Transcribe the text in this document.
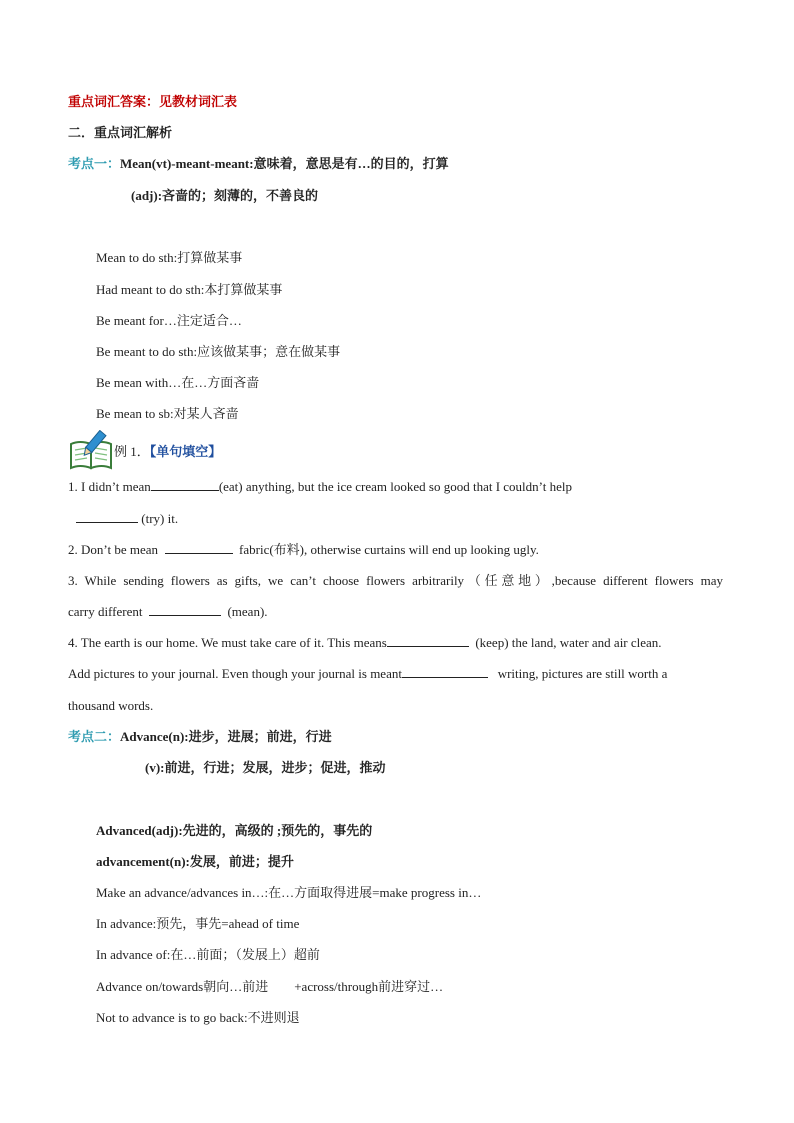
重点词汇答案：见教材词汇表
二．重点词汇解析
考点一：Mean(vt)-meant-meant:意味着，意思是有…的目的，打算
(adj):吝啬的；刻薄的，不善良的
Mean to do sth:打算做某事
Had meant to do sth:本打算做某事
Be meant for…注定适合…
Be meant to do sth:应该做某事；意在做某事
Be mean with…在…方面吝啬
Be mean to sb:对某人吝啬
例 1．【单句填空】
1. I didn’t mean	(eat) anything, but the ice cream looked so good that I couldn’t help
(try) it.
2. Don’t be mean	fabric(布料), otherwise curtains will end up looking ugly.
3. While sending flowers as gifts, we can’t choose flowers arbitrarily（任意地）,because different flowers may
carry different	(mean).
4. The earth is our home. We must take care of it. This means	(keep) the land, water and air clean.
Add pictures to your journal. Even though your journal is meant	writing, pictures are still worth a
thousand words.
考点二：Advance(n):进步，进展；前进，行进
(v):前进，行进；发展，进步；促进，推动
Advanced(adj):先进的，高级的 ;预先的，事先的
advancement(n):发展，前进；提升
Make an advance/advances in…:在…方面取得进展=make progress in…
In advance:预先，事先=ahead of time
In advance of:在…前面；（发展上）超前
Advance on/towards朝向…前进        +across/through前进穿过…
Not to advance is to go back:不进则退
